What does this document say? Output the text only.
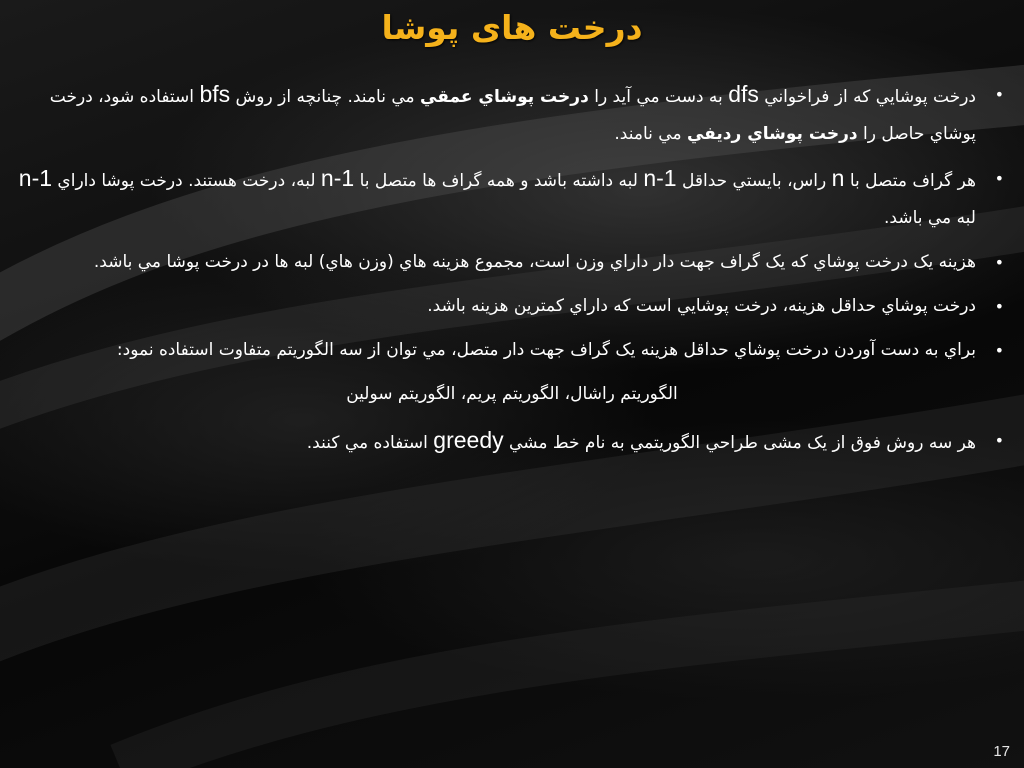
درخت های پوشا
•
درخت پوشايي كه از فراخواني dfs به دست مي آيد را درخت پوشاي عمقي مي نامند. چنانچه از روش bfs استفاده شود، درخت پوشاي حاصل را درخت پوشاي رديفي مي نامند.
•
هر گراف متصل با n راس، بايستي حداقل n-1 لبه داشته باشد و همه گراف ها متصل با n-1 لبه، درخت هستند. درخت پوشا داراي n-1 لبه مي باشد.
•
هزينه يک درخت پوشاي كه يک گراف جهت دار داراي وزن است، مجموع هزينه هاي (وزن هاي) لبه ها در درخت پوشا مي باشد.
•
درخت پوشاي حداقل هزينه، درخت پوشايي است كه داراي كمترين هزينه باشد.
•
براي به دست آوردن درخت پوشاي حداقل هزينه يک گراف جهت دار متصل، مي توان از سه الگوريتم متفاوت استفاده نمود:
الگوريتم راشال، الگوريتم پريم، الگوريتم سولين
•
هر سه روش فوق از يک مشی طراحي الگوريتمي به نام خط مشي greedy استفاده مي كنند.
17
